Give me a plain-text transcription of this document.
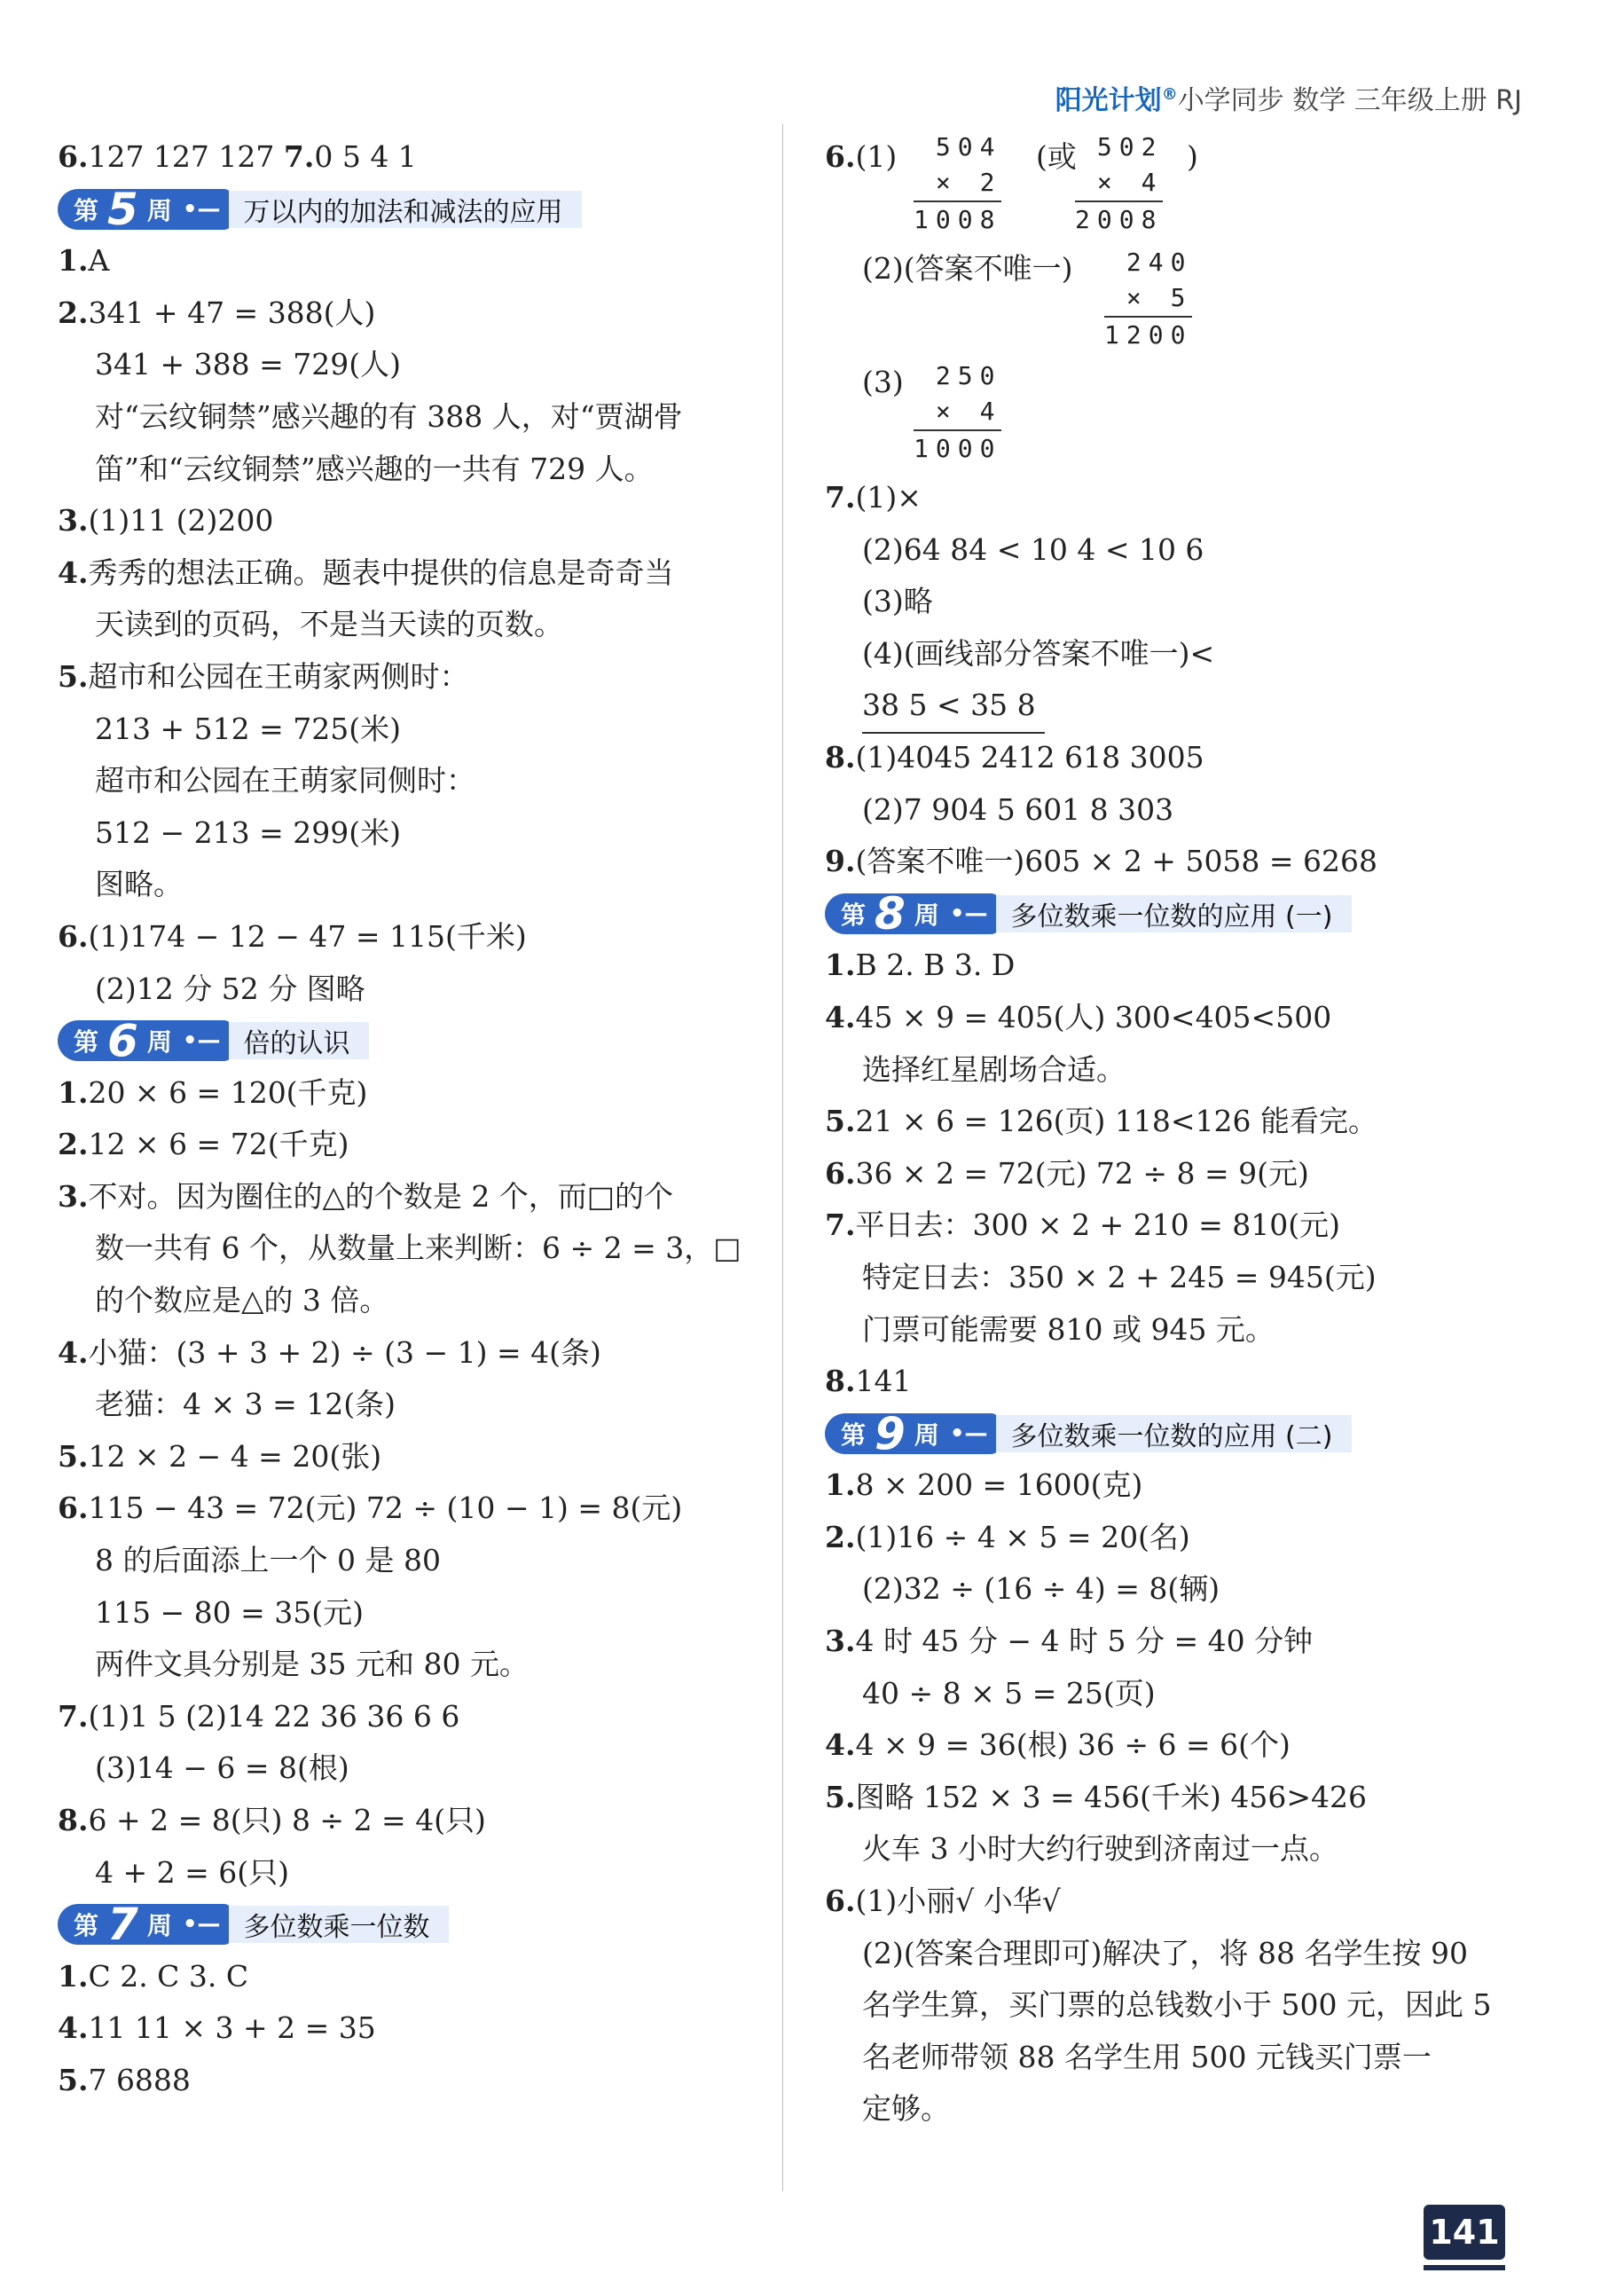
阳光计划®小学同步 数学 三年级上册 RJ
6.127 127 127 7.0 5 4 1
第 5 周 •— 万以内的加法和减法的应用
1.A
2.341 + 47 = 388(人)
341 + 388 = 729(人)
对“云纹铜禁”感兴趣的有 388 人，对“贾湖骨
笛”和“云纹铜禁”感兴趣的一共有 729 人。
3.(1)11 (2)200
4.秀秀的想法正确。题表中提供的信息是奇奇当
天读到的页码，不是当天读的页数。
5.超市和公园在王萌家两侧时：
213 + 512 = 725(米)
超市和公园在王萌家同侧时：
512 − 213 = 299(米)
图略。
6.(1)174 − 12 − 47 = 115(千米)
(2)12 分 52 分 图略
第 6 周 •— 倍的认识
1.20 × 6 = 120(千克)
2.12 × 6 = 72(千克)
3.不对。因为圈住的△的个数是 2 个，而□的个
数一共有 6 个，从数量上来判断：6 ÷ 2 = 3，□
的个数应是△的 3 倍。
4.小猫：(3 + 3 + 2) ÷ (3 − 1) = 4(条)
老猫：4 × 3 = 12(条)
5.12 × 2 − 4 = 20(张)
6.115 − 43 = 72(元) 72 ÷ (10 − 1) = 8(元)
8 的后面添上一个 0 是 80
115 − 80 = 35(元)
两件文具分别是 35 元和 80 元。
7.(1)1 5 (2)14 22 36 36 6 6
(3)14 − 6 = 8(根)
8.6 + 2 = 8(只) 8 ÷ 2 = 4(只)
4 + 2 = 6(只)
第 7 周 •— 多位数乘一位数
1.C 2. C 3. C
4.11 11 × 3 + 2 = 35
5.7 6888
6.(1)	504
× 2
1008
(或 502
× 4
2008
)
(2)(答案不唯一)	240
× 5
1200
(3)	250
× 4
1000
7.(1)×
(2)64 84 < 10 4 < 10 6
(3)略
(4)(画线部分答案不唯一)<
38 5 < 35 8
8.(1)4045 2412 618 3005
(2)7 904 5 601 8 303
9.(答案不唯一)605 × 2 + 5058 = 6268
第 8 周 •— 多位数乘一位数的应用 (一)
1.B 2. B 3. D
4.45 × 9 = 405(人) 300<405<500
选择红星剧场合适。
5.21 × 6 = 126(页) 118<126 能看完。
6.36 × 2 = 72(元) 72 ÷ 8 = 9(元)
7.平日去：300 × 2 + 210 = 810(元)
特定日去：350 × 2 + 245 = 945(元)
门票可能需要 810 或 945 元。
8.141
第 9 周 •— 多位数乘一位数的应用 (二)
1.8 × 200 = 1600(克)
2.(1)16 ÷ 4 × 5 = 20(名)
(2)32 ÷ (16 ÷ 4) = 8(辆)
3.4 时 45 分 − 4 时 5 分 = 40 分钟
40 ÷ 8 × 5 = 25(页)
4.4 × 9 = 36(根) 36 ÷ 6 = 6(个)
5.图略 152 × 3 = 456(千米) 456>426
火车 3 小时大约行驶到济南过一点。
6.(1)小丽√ 小华√
(2)(答案合理即可)解决了，将 88 名学生按 90
名学生算，买门票的总钱数小于 500 元，因此 5
名老师带领 88 名学生用 500 元钱买门票一
定够。
141
